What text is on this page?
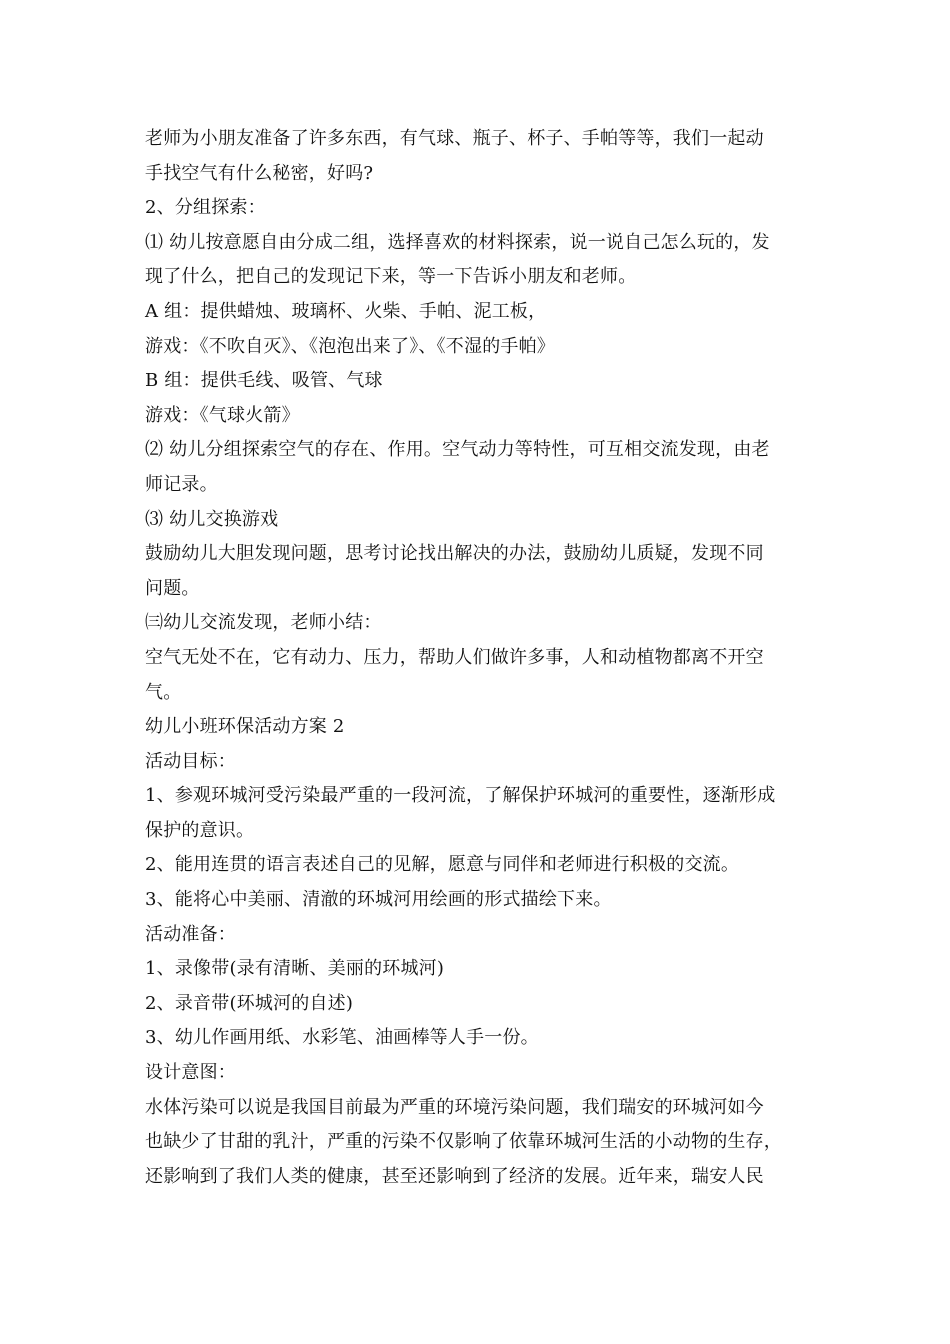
老师为小朋友准备了许多东西，有气球、瓶子、杯子、手帕等等，我们一起动
手找空气有什么秘密，好吗?
2、分组探索：
⑴ 幼儿按意愿自由分成二组，选择喜欢的材料探索，说一说自己怎么玩的，发
现了什么，把自己的发现记下来，等一下告诉小朋友和老师。
A 组：提供蜡烛、玻璃杯、火柴、手帕、泥工板，
游戏：《不吹自灭》、《泡泡出来了》、《不湿的手帕》
B 组：提供毛线、吸管、气球
游戏：《气球火箭》
⑵ 幼儿分组探索空气的存在、作用。空气动力等特性，可互相交流发现，由老
师记录。
⑶ 幼儿交换游戏
鼓励幼儿大胆发现问题，思考讨论找出解决的办法，鼓励幼儿质疑，发现不同
问题。
㈢幼儿交流发现，老师小结：
空气无处不在，它有动力、压力，帮助人们做许多事，人和动植物都离不开空
气。
幼儿小班环保活动方案 2
活动目标：
1、参观环城河受污染最严重的一段河流，了解保护环城河的重要性，逐渐形成
保护的意识。
2、能用连贯的语言表述自己的见解，愿意与同伴和老师进行积极的交流。
3、能将心中美丽、清澈的环城河用绘画的形式描绘下来。
活动准备：
1、录像带(录有清晰、美丽的环城河)
2、录音带(环城河的自述)
3、幼儿作画用纸、水彩笔、油画棒等人手一份。
设计意图：
水体污染可以说是我国目前最为严重的环境污染问题，我们瑞安的环城河如今
也缺少了甘甜的乳汁，严重的污染不仅影响了依靠环城河生活的小动物的生存，
还影响到了我们人类的健康，甚至还影响到了经济的发展。近年来，瑞安人民
